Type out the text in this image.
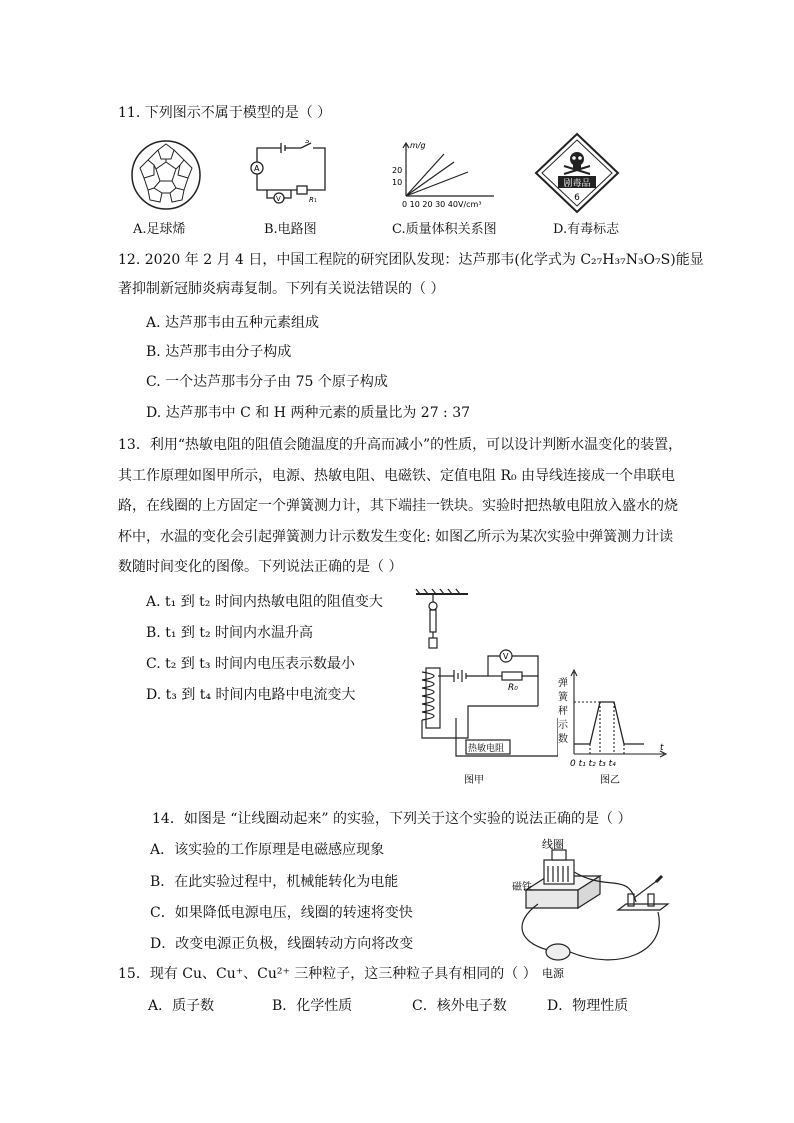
11. 下列图示不属于模型的是（ ）
A.足球烯
A
V
S
R₁
B.电路图
m/g
20
10
0 10 20 30 40V/cm³
C.质量体积关系图
剧毒品
6
D.有毒标志
12. 2020 年 2 月 4 日，中国工程院的研究团队发现：达芦那韦(化学式为 C₂₇H₃₇N₃O₇S)能显
著抑制新冠肺炎病毒复制。下列有关说法错误的（ ）
A. 达芦那韦由五种元素组成
B. 达芦那韦由分子构成
C. 一个达芦那韦分子由 75 个原子构成
D. 达芦那韦中 C 和 H 两种元素的质量比为 27 : 37
13．利用“热敏电阻的阻值会随温度的升高而减小”的性质，可以设计判断水温变化的装置，
其工作原理如图甲所示，电源、热敏电阻、电磁铁、定值电阻 R₀ 由导线连接成一个串联电
路，在线圈的上方固定一个弹簧测力计，其下端挂一铁块。实验时把热敏电阻放入盛水的烧
杯中，水温的变化会引起弹簧测力计示数发生变化: 如图乙所示为某次实验中弹簧测力计读
数随时间变化的图像。下列说法正确的是（ ）
A. t₁ 到 t₂ 时间内热敏电阻的阻值变大
B. t₁ 到 t₂ 时间内水温升高
C. t₂ 到 t₃ 时间内电压表示数最小
D. t₃ 到 t₄ 时间内电路中电流变大
V
R₀
热敏电阻
图甲
弹
簧
秤
示
数
t
0 t₁ t₂ t₃ t₄
图乙
14．如图是 “让线圈动起来” 的实验，下列关于这个实验的说法正确的是（ ）
A．该实验的工作原理是电磁感应现象
B．在此实验过程中，机械能转化为电能
C．如果降低电源电压，线圈的转速将变快
D．改变电源正负极，线圈转动方向将改变
线圈
磁铁
电源
15．现有 Cu、Cu⁺、Cu²⁺ 三种粒子，这三种粒子具有相同的（ ）
A．质子数	B．化学性质	C．核外电子数	D．物理性质
